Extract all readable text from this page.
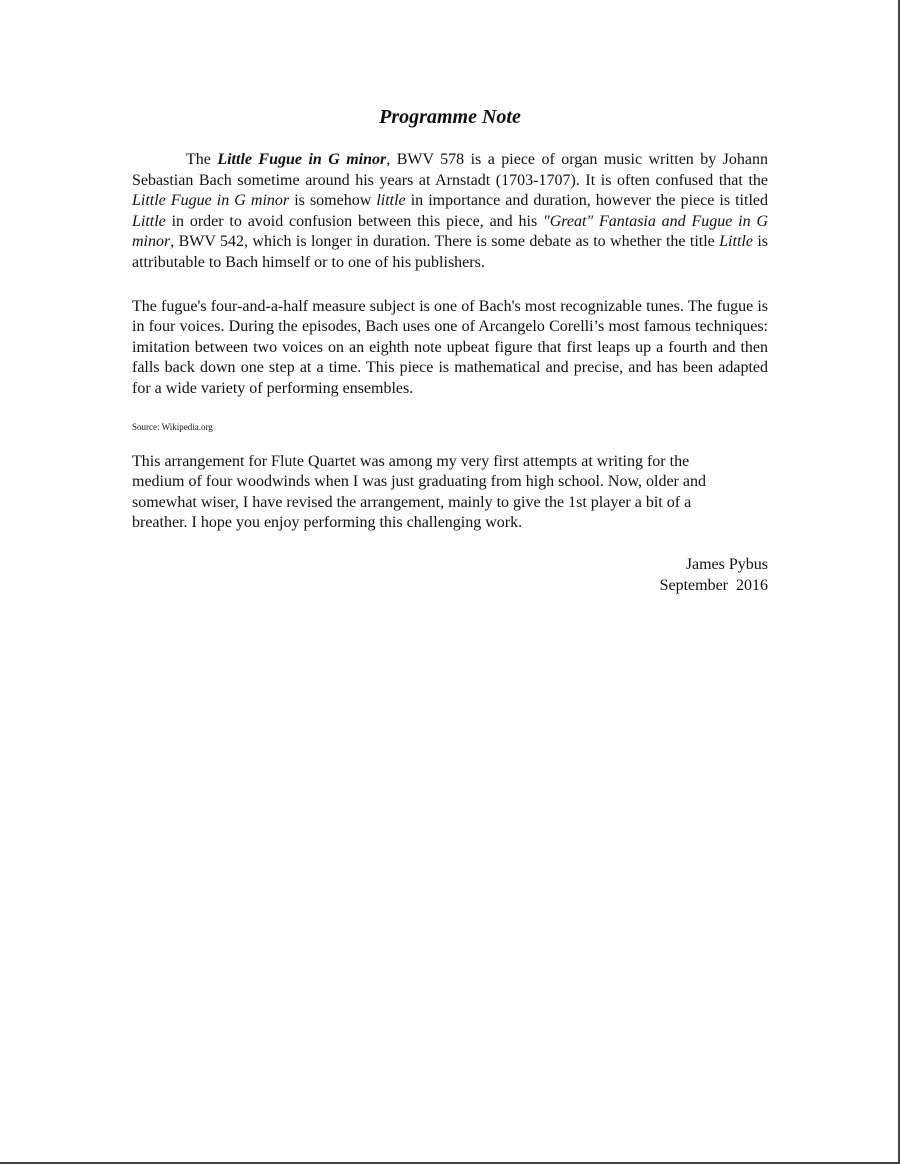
Programme Note

The Little Fugue in G minor, BWV 578 is a piece of organ music written by Johann Sebastian Bach sometime around his years at Arnstadt (1703-1707). It is often confused that the Little Fugue in G minor is somehow little in importance and duration, however the piece is titled Little in order to avoid confusion between this piece, and his "Great" Fantasia and Fugue in G minor, BWV 542, which is longer in duration. There is some debate as to whether the title Little is attributable to Bach himself or to one of his publishers.

The fugue's four-and-a-half measure subject is one of Bach's most recognizable tunes. The fugue is in four voices. During the episodes, Bach uses one of Arcangelo Corelli’s most famous techniques: imitation between two voices on an eighth note upbeat figure that first leaps up a fourth and then falls back down one step at a time. This piece is mathematical and precise, and has been adapted for a wide variety of performing ensembles.

Source: Wikipedia.org

This arrangement for Flute Quartet was among my very first attempts at writing for the
medium of four woodwinds when I was just graduating from high school. Now, older and
somewhat wiser, I have revised the arrangement, mainly to give the 1st player a bit of a
breather. I hope you enjoy performing this challenging work.

James Pybus
September  2016
